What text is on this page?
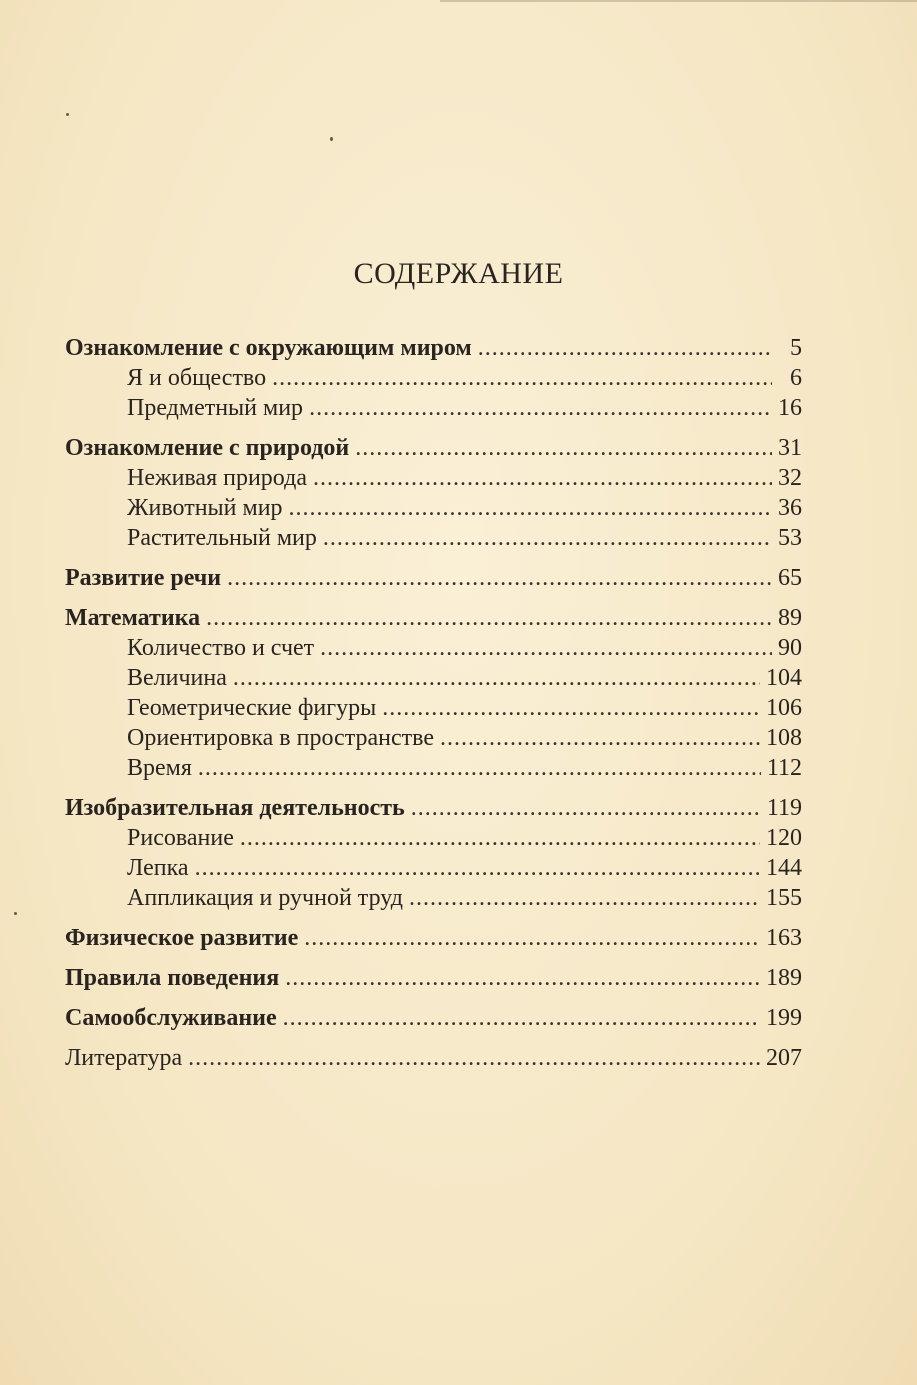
СОДЕРЖАНИЕ
Ознакомление с окружающим миром .....	5
Я и общество .....	6
Предметный мир .....	16
Ознакомление с природой .....	31
Неживая природа .....	32
Животный мир .....	36
Растительный мир .....	53
Развитие речи .....	65
Математика .....	89
Количество и счет .....	90
Величина .....	104
Геометрические фигуры .....	106
Ориентировка в пространстве .....	108
Время .....	112
Изобразительная деятельность .....	119
Рисование .....	120
Лепка .....	144
Аппликация и ручной труд .....	155
Физическое развитие .....	163
Правила поведения .....	189
Самообслуживание .....	199
Литература .....	207
